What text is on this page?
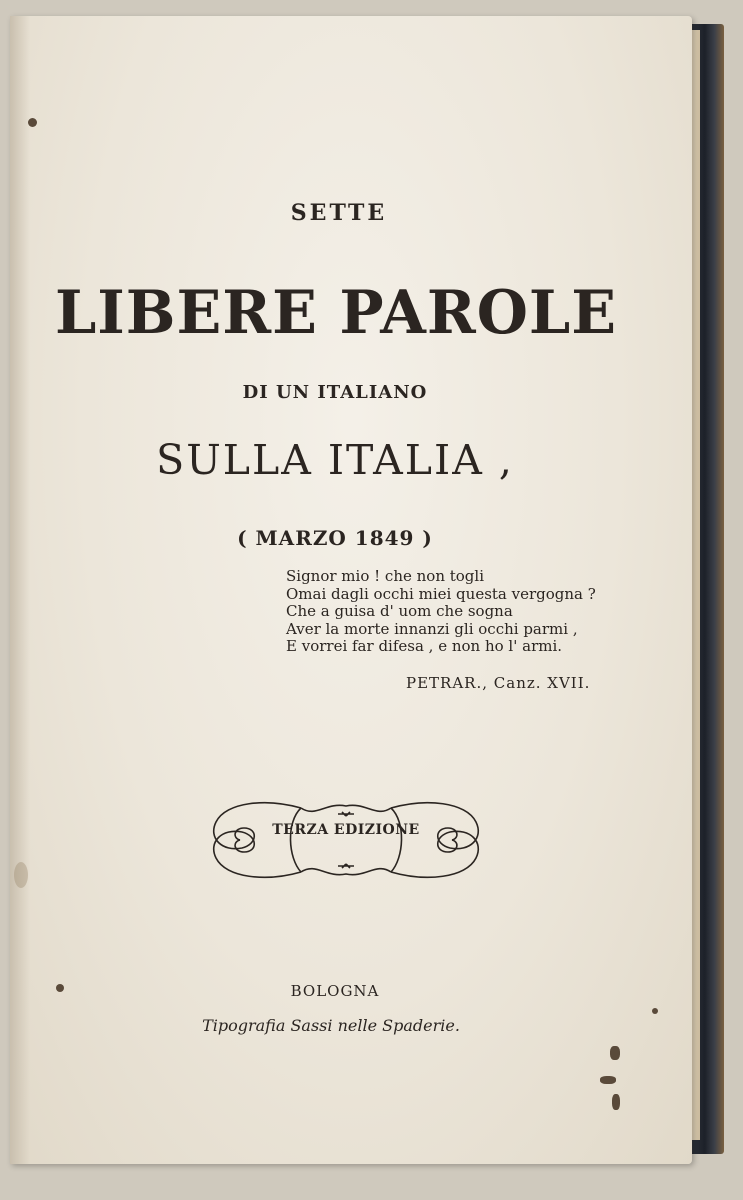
SETTE
LIBERE PAROLE
DI UN ITALIANO
SULLA ITALIA ,
( MARZO 1849 )
Signor mio ! che non togli
Omai dagli occhi miei questa vergogna ?
Che a guisa d' uom che sogna
Aver la morte innanzi gli occhi parmi ,
E vorrei far difesa , e non ho l' armi.
PETRAR., Canz. XVII.
TERZA EDIZIONE
BOLOGNA
Tipografia Sassi nelle Spaderie.
